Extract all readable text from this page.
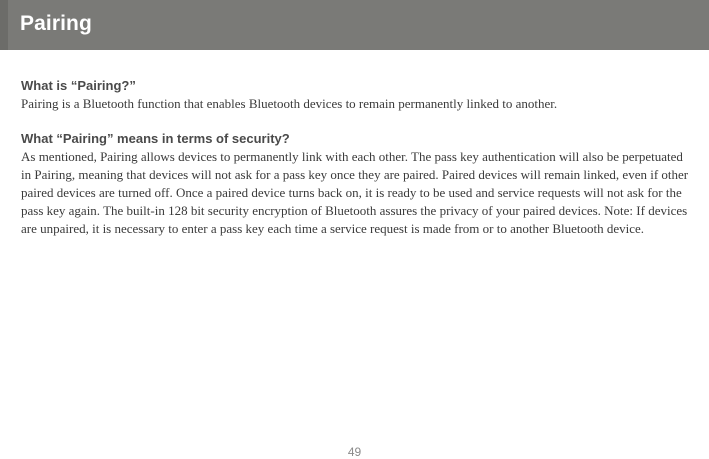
Pairing
What is “Pairing?”

Pairing is a Bluetooth function that enables Bluetooth devices to remain permanently linked to another.

What “Pairing” means in terms of security?

As mentioned, Pairing allows devices to permanently link with each other. The pass key authentication will also be perpetuated in Pairing, meaning that devices will not ask for a pass key once they are paired. Paired devices will remain linked, even if other paired devices are turned off. Once a paired device turns back on, it is ready to be used and service requests will not ask for the pass key again. The built-in 128 bit security encryption of Bluetooth assures the privacy of your paired devices. Note: If devices are unpaired, it is necessary to enter a pass key each time a service request is made from or to another Bluetooth device.

49
